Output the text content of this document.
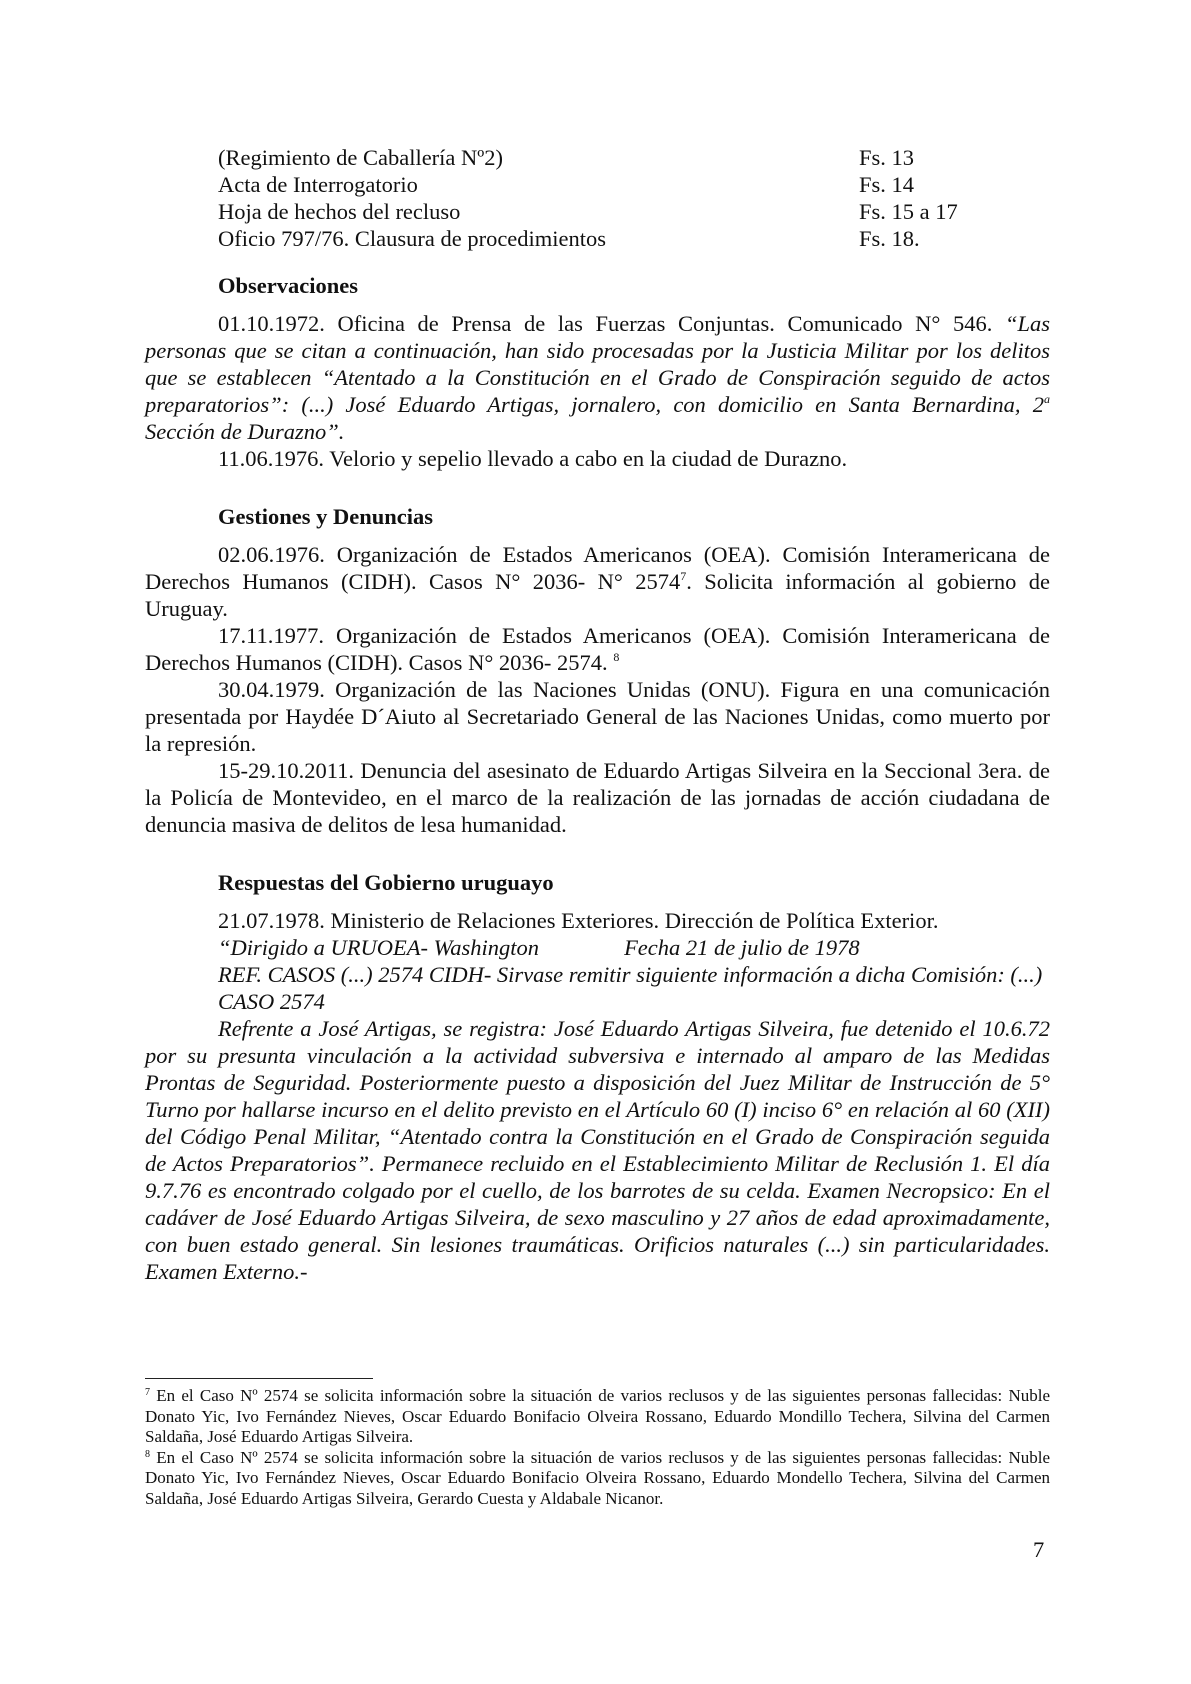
(Regimiento de Caballería Nº2)	Fs. 13
Acta de Interrogatorio	Fs. 14
Hoja de hechos del recluso	Fs. 15 a 17
Oficio 797/76. Clausura de procedimientos	Fs. 18.
Observaciones

01.10.1972. Oficina de Prensa de las Fuerzas Conjuntas. Comunicado N° 546. “Las personas que se citan a continuación, han sido procesadas por la Justicia Militar por los delitos que se establecen “Atentado a la Constitución en el Grado de Conspiración seguido de actos preparatorios”: (...) José Eduardo Artigas, jornalero, con domicilio en Santa Bernardina, 2$^a$ Sección de Durazno”.

11.06.1976. Velorio y sepelio llevado a cabo en la ciudad de Durazno.

Gestiones y Denuncias

02.06.1976. Organización de Estados Americanos (OEA). Comisión Interamericana de Derechos Humanos (CIDH). Casos N° 2036- N° 2574$^7$. Solicita información al gobierno de Uruguay.

17.11.1977. Organización de Estados Americanos (OEA). Comisión Interamericana de Derechos Humanos (CIDH). Casos N° 2036- 2574. $^8$

30.04.1979. Organización de las Naciones Unidas (ONU). Figura en una comunicación presentada por Haydée D´Aiuto al Secretariado General de las Naciones Unidas, como muerto por la represión.

15-29.10.2011. Denuncia del asesinato de Eduardo Artigas Silveira en la Seccional 3era. de la Policía de Montevideo, en el marco de la realización de las jornadas de acción ciudadana de denuncia masiva de delitos de lesa humanidad.

Respuestas del Gobierno uruguayo

21.07.1978. Ministerio de Relaciones Exteriores. Dirección de Política Exterior.

“Dirigido a URUOEA- Washington	Fecha 21 de julio de 1978

REF. CASOS (...) 2574 CIDH- Sirvase remitir siguiente información a dicha Comisión: (...)

CASO 2574

Refrente a José Artigas, se registra: José Eduardo Artigas Silveira, fue detenido el 10.6.72 por su presunta vinculación a la actividad subversiva e internado al amparo de las Medidas Prontas de Seguridad. Posteriormente puesto a disposición del Juez Militar de Instrucción de 5° Turno por hallarse incurso en el delito previsto en el Artículo 60 (I) inciso 6° en relación al 60 (XII) del Código Penal Militar, “Atentado contra la Constitución en el Grado de Conspiración seguida de Actos Preparatorios”. Permanece recluido en el Establecimiento Militar de Reclusión 1. El día 9.7.76 es encontrado colgado por el cuello, de los barrotes de su celda. Examen Necropsico: En el cadáver de José Eduardo Artigas Silveira, de sexo masculino y 27 años de edad aproximadamente, con buen estado general. Sin lesiones traumáticas. Orificios naturales (...) sin particularidades. Examen Externo.-

$^7$ En el Caso Nº 2574 se solicita información sobre la situación de varios reclusos y de las siguientes personas fallecidas: Nuble Donato Yic, Ivo Fernández Nieves, Oscar Eduardo Bonifacio Olveira Rossano, Eduardo Mondillo Techera, Silvina del Carmen Saldaña, José Eduardo Artigas Silveira.

$^8$ En el Caso Nº 2574 se solicita información sobre la situación de varios reclusos y de las siguientes personas fallecidas: Nuble Donato Yic, Ivo Fernández Nieves, Oscar Eduardo Bonifacio Olveira Rossano, Eduardo Mondello Techera, Silvina del Carmen Saldaña, José Eduardo Artigas Silveira, Gerardo Cuesta y Aldabale Nicanor.

7
